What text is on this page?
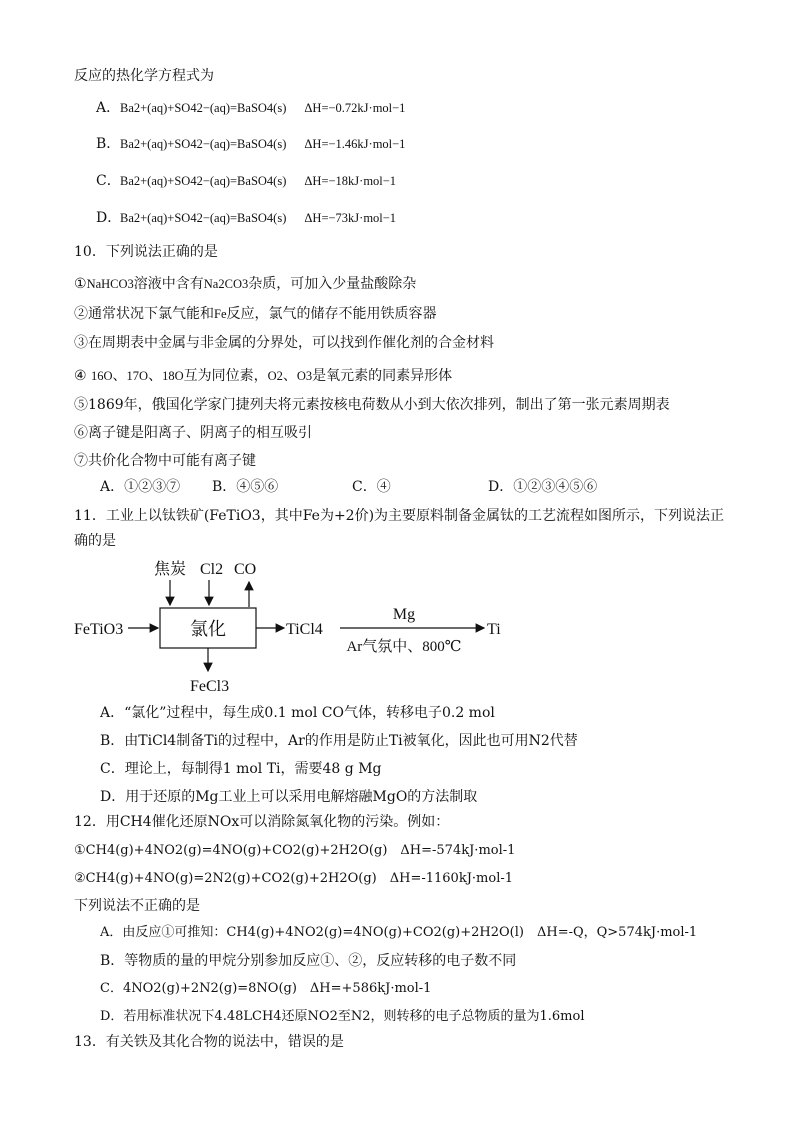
反应的热化学方程式为
A．Ba2+(aq)+SO42−(aq)=BaSO4(s) ΔH=−0.72kJ·mol−1
B．Ba2+(aq)+SO42−(aq)=BaSO4(s) ΔH=−1.46kJ·mol−1
C．Ba2+(aq)+SO42−(aq)=BaSO4(s) ΔH=−18kJ·mol−1
D．Ba2+(aq)+SO42−(aq)=BaSO4(s) ΔH=−73kJ·mol−1
10．下列说法正确的是
①NaHCO3溶液中含有Na2CO3杂质，可加入少量盐酸除杂
②通常状况下氯气能和Fe反应，氯气的储存不能用铁质容器
③在周期表中金属与非金属的分界处，可以找到作催化剂的合金材料
④ 16O、17O、18O互为同位素，O2、O3是氧元素的同素异形体
⑤1869年，俄国化学家门捷列夫将元素按核电荷数从小到大依次排列，制出了第一张元素周期表
⑥离子键是阳离子、阴离子的相互吸引
⑦共价化合物中可能有离子键
A．①②③⑦ B．④⑤⑥	C．④	D．①②③④⑤⑥
11．工业上以钛铁矿(FeTiO3，其中Fe为+2价)为主要原料制备金属钛的工艺流程如图所示，下列说法正
确的是
焦炭 Cl2 CO
FeTiO3	氯化	TiCl4
Mg
Ar气氛中、800℃
Ti
FeCl3
A．“氯化”过程中，每生成0.1 mol CO气体，转移电子0.2 mol
B．由TiCl4制备Ti的过程中，Ar的作用是防止Ti被氧化，因此也可用N2代替
C．理论上，每制得1 mol Ti，需要48 g Mg
D．用于还原的Mg工业上可以采用电解熔融MgO的方法制取
12．用CH4催化还原NOx可以消除氮氧化物的污染。例如：
①CH4(g)+4NO2(g)=4NO(g)+CO2(g)+2H2O(g)　ΔH=-574kJ·mol-1
②CH4(g)+4NO(g)=2N2(g)+CO2(g)+2H2O(g)　ΔH=-1160kJ·mol-1
下列说法不正确的是
A．由反应①可推知：CH4(g)+4NO2(g)=4NO(g)+CO2(g)+2H2O(l)　ΔH=-Q，Q>574kJ·mol-1
B．等物质的量的甲烷分别参加反应①、②，反应转移的电子数不同
C．4NO2(g)+2N2(g)=8NO(g)　ΔH=+586kJ·mol-1
D．若用标准状况下4.48LCH4还原NO2至N2，则转移的电子总物质的量为1.6mol
13．有关铁及其化合物的说法中，错误的是
